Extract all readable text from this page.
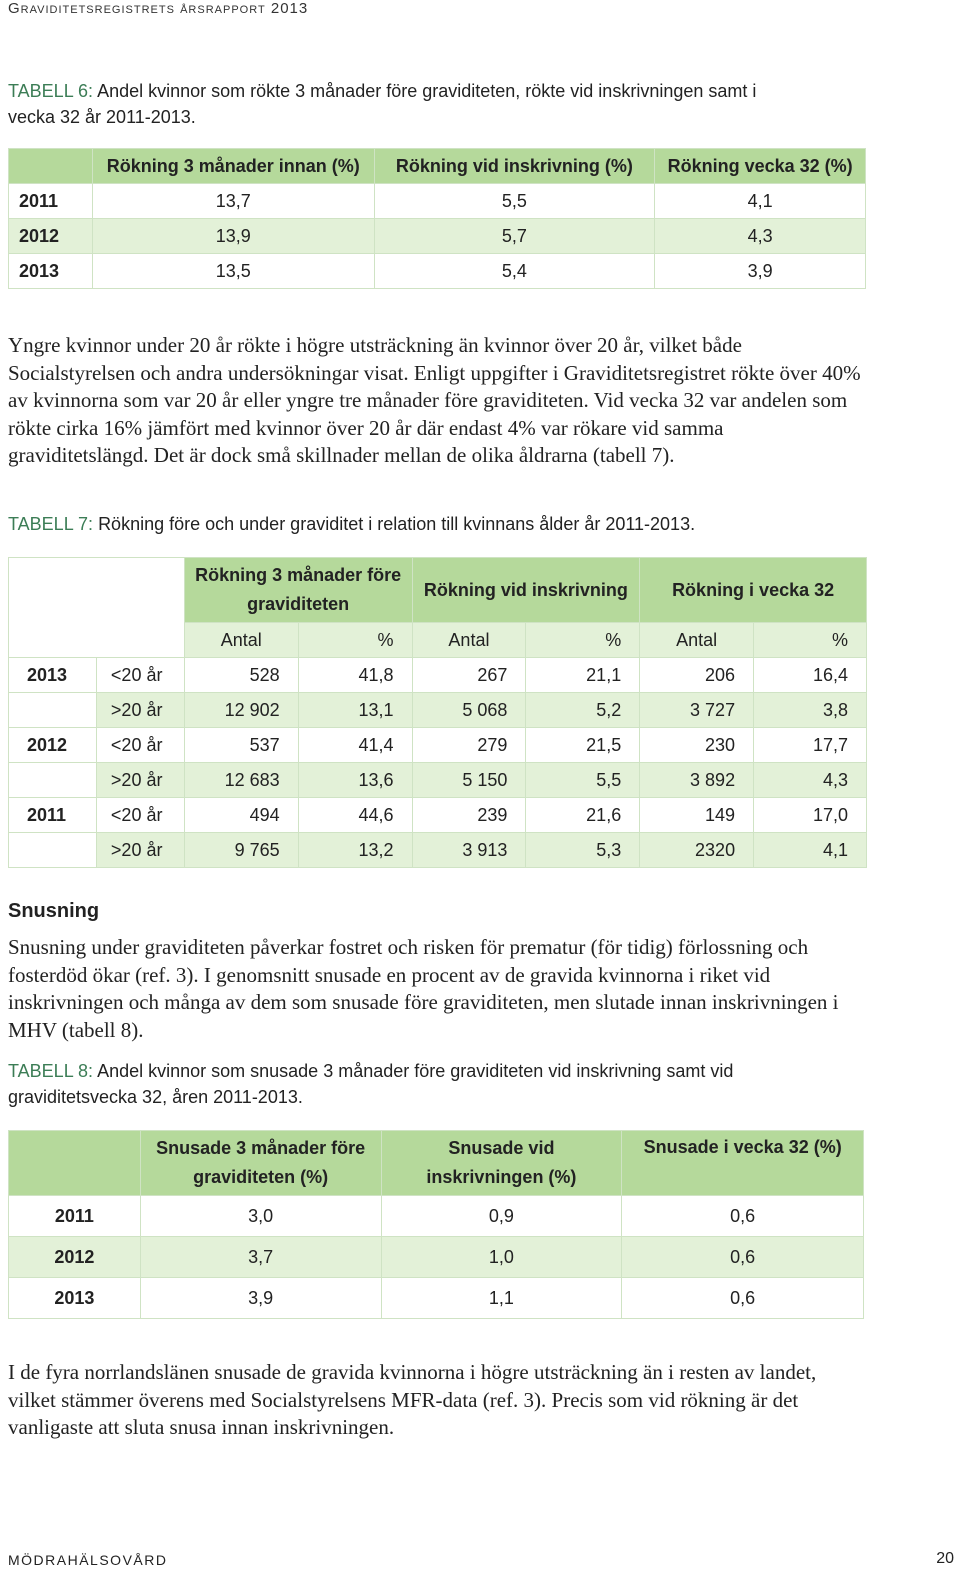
Graviditetsregistrets årsrapport 2013
TABELL 6: Andel kvinnor som rökte 3 månader före graviditeten, rökte vid inskrivningen samt i
vecka 32 år 2011-2013.
	Rökning 3 månader innan (%)	Rökning vid inskrivning (%)	Rökning vecka 32 (%)
2011	13,7	5,5	4,1
2012	13,9	5,7	4,3
2013	13,5	5,4	3,9
Yngre kvinnor under 20 år rökte i högre utsträckning än kvinnor över 20 år, vilket både Socialstyrelsen och andra undersökningar visat. Enligt uppgifter i Graviditetsregistret rökte över 40% av kvinnorna som var 20 år eller yngre tre månader före graviditeten. Vid vecka 32 var andelen som rökte cirka 16% jämfört med kvinnor över 20 år där endast 4% var rökare vid samma graviditetslängd. Det är dock små skillnader mellan de olika åldrarna (tabell 7).
TABELL 7: Rökning före och under graviditet i relation till kvinnans ålder år 2011-2013.
		Rökning 3 månader före graviditeten		Rökning vid inskrivning		Rökning i vecka 32	
		Antal	%	Antal	%	Antal	%
2013	<20 år	528	41,8	267	21,1	206	16,4
	>20 år	12 902	13,1	5 068	5,2	3 727	3,8
2012	<20 år	537	41,4	279	21,5	230	17,7
	>20 år	12 683	13,6	5 150	5,5	3 892	4,3
2011	<20 år	494	44,6	239	21,6	149	17,0
	>20 år	9 765	13,2	3 913	5,3	2320	4,1
Snusning
Snusning under graviditeten påverkar fostret och risken för prematur (för tidig) förlossning och fosterdöd ökar (ref. 3). I genomsnitt snusade en procent av de gravida kvinnorna i riket vid inskrivningen och många av dem som snusade före graviditeten, men slutade innan inskrivningen i MHV (tabell 8).
TABELL 8: Andel kvinnor som snusade 3 månader före graviditeten vid inskrivning samt vid
graviditetsvecka 32, åren 2011-2013.
	Snusade 3 månader före graviditeten (%)	Snusade vid inskrivningen (%)	Snusade i vecka 32 (%)
2011	3,0	0,9	0,6
2012	3,7	1,0	0,6
2013	3,9	1,1	0,6
I de fyra norrlandslänen snusade de gravida kvinnorna i högre utsträckning än i resten av landet, vilket stämmer överens med Socialstyrelsens MFR-data (ref. 3). Precis som vid rökning är det vanligaste att sluta snusa innan inskrivningen.
MÖDRAHÄLSOVÅRD	20
